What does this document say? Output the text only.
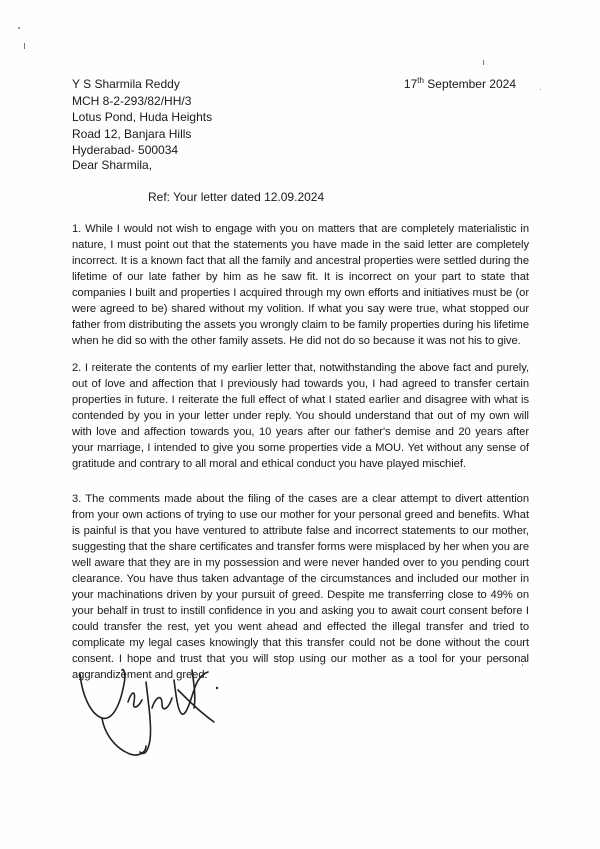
17th September 2024
Y S Sharmila Reddy
MCH 8-2-293/82/HH/3
Lotus Pond, Huda Heights
Road 12, Banjara Hills
Hyderabad- 500034
Dear Sharmila,
Ref: Your letter dated 12.09.2024

1. While I would not wish to engage with you on matters that are completely materialistic in nature, I must point out that the statements you have made in the said letter are completely incorrect. It is a known fact that all the family and ancestral properties were settled during the lifetime of our late father by him as he saw fit. It is incorrect on your part to state that companies I built and properties I acquired through my own efforts and initiatives must be (or were agreed to be) shared without my volition. If what you say were true, what stopped our father from distributing the assets you wrongly claim to be family properties during his lifetime when he did so with the other family assets. He did not do so because it was not his to give.

2. I reiterate the contents of my earlier letter that, notwithstanding the above fact and purely, out of love and affection that I previously had towards you, I had agreed to transfer certain properties in future. I reiterate the full effect of what I stated earlier and disagree with what is contended by you in your letter under reply. You should understand that out of my own will with love and affection towards you, 10 years after our father's demise and 20 years after your marriage, I intended to give you some properties vide a MOU. Yet without any sense of gratitude and contrary to all moral and ethical conduct you have played mischief.

3. The comments made about the filing of the cases are a clear attempt to divert attention from your own actions of trying to use our mother for your personal greed and benefits. What is painful is that you have ventured to attribute false and incorrect statements to our mother, suggesting that the share certificates and transfer forms were misplaced by her when you are well aware that they are in my possession and were never handed over to you pending court clearance. You have thus taken advantage of the circumstances and included our mother in your machinations driven by your pursuit of greed. Despite me transferring close to 49% on your behalf in trust to instill confidence in you and asking you to await court consent before I could transfer the rest, yet you went ahead and effected the illegal transfer and tried to complicate my legal cases knowingly that this transfer could not be done without the court consent. I hope and trust that you will stop using our mother as a tool for your personal aggrandizement and greed.
